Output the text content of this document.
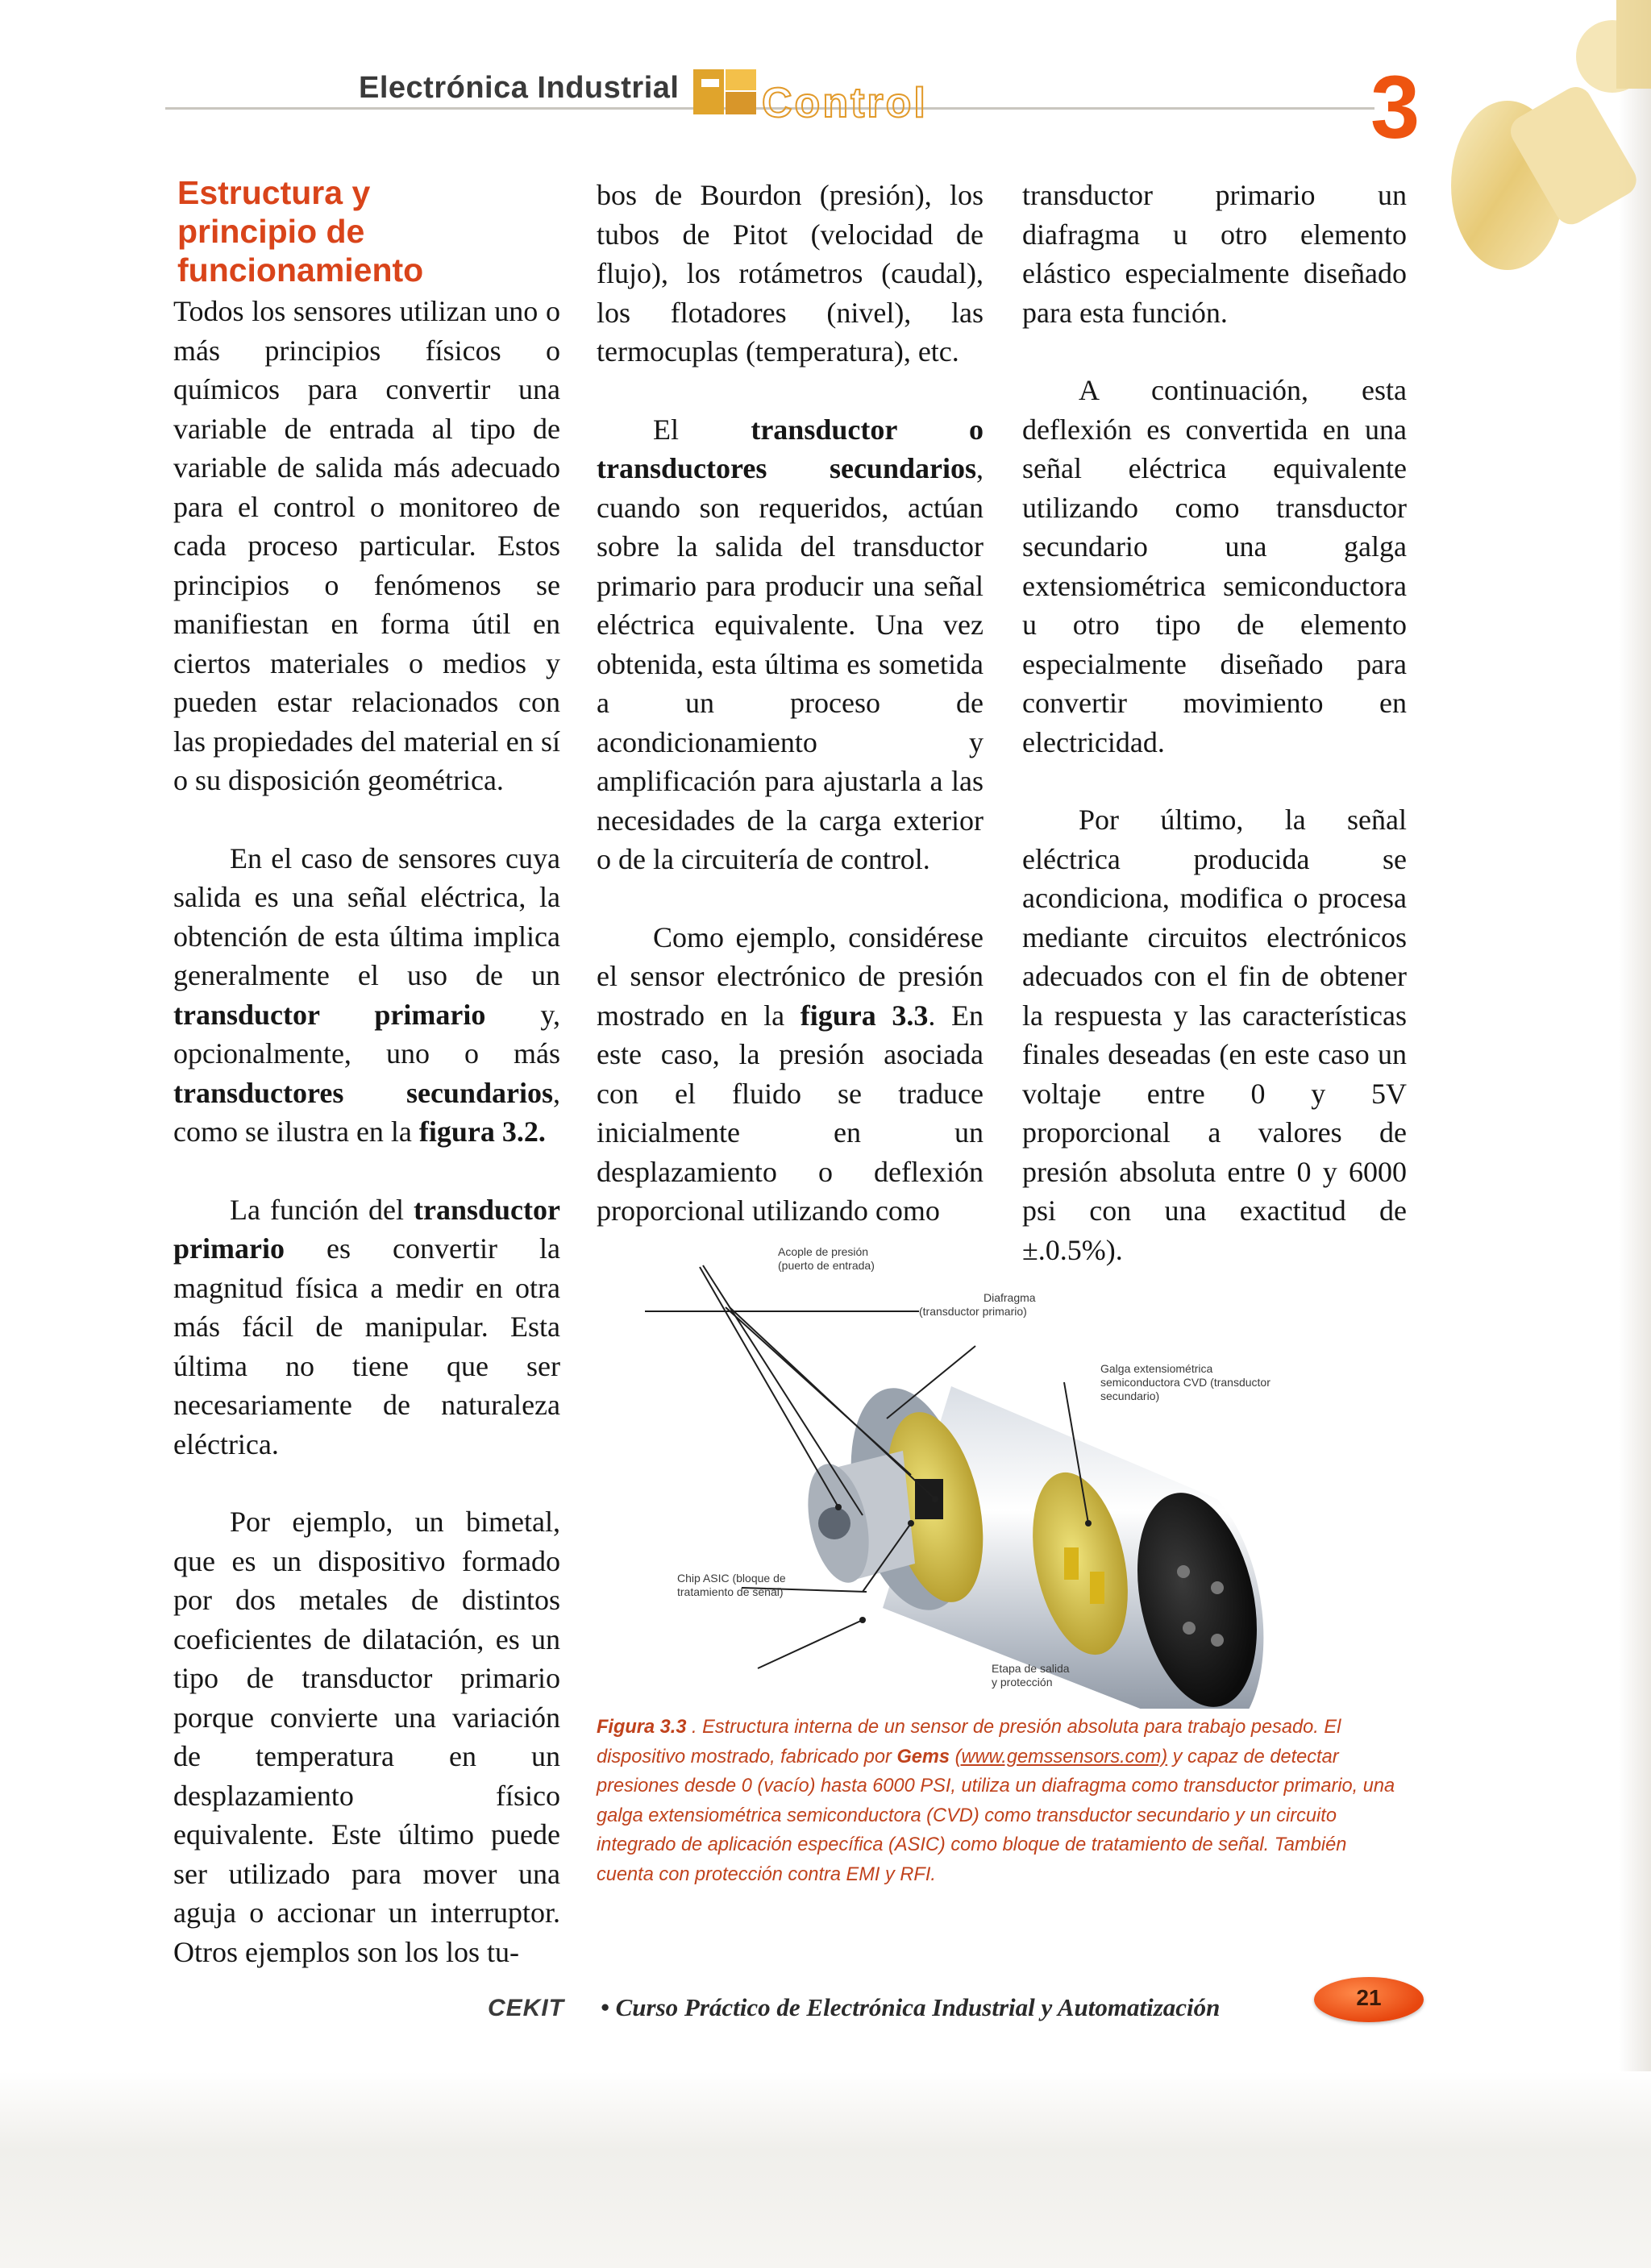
Electrónica Industrial Control	3
Estructura y principio de funcionamiento

Todos los sensores utilizan uno o más principios físicos o químicos para convertir una variable de entrada al tipo de variable de salida más adecuado para el control o monitoreo de cada proceso particular. Estos principios o fenómenos se manifiestan en forma útil en ciertos materiales o medios y pueden estar relacionados con las propiedades del material en sí o su disposición geométrica.

En el caso de sensores cuya salida es una señal eléctrica, la obtención de esta última implica generalmente el uso de un transductor primario y, opcionalmente, uno o más transductores secundarios, como se ilustra en la figura 3.2.

La función del transductor primario es convertir la magnitud física a medir en otra más fácil de manipular. Esta última no tiene que ser necesariamente de naturaleza eléctrica.

Por ejemplo, un bimetal, que es un dispositivo formado por dos metales de distintos coeficientes de dilatación, es un tipo de transductor primario porque convierte una variación de temperatura en un desplazamiento físico equivalente. Este último puede ser utilizado para mover una aguja o accionar un interruptor. Otros ejemplos son los los tu-

bos de Bourdon (presión), los tubos de Pitot (velocidad de flujo), los rotámetros (caudal), los flotadores (nivel), las termocuplas (temperatura), etc.

El transductor o transductores secundarios, cuando son requeridos, actúan sobre la salida del transductor primario para producir una señal eléctrica equivalente. Una vez obtenida, esta última es sometida a un proceso de acondicionamiento y amplificación para ajustarla a las necesidades de la carga exterior o de la circuitería de control.

Como ejemplo, considérese el sensor electrónico de presión mostrado en la figura 3.3. En este caso, la presión asociada con el fluido se traduce inicialmente en un desplazamiento o deflexión proporcional utilizando como

transductor primario un diafragma u otro elemento elástico especialmente diseñado para esta función.

A continuación, esta deflexión es convertida en una señal eléctrica equivalente utilizando como transductor secundario una galga extensiométrica semiconductora u otro tipo de elemento especialmente diseñado para convertir movimiento en electricidad.

Por último, la señal eléctrica producida se acondiciona, modifica o procesa mediante circuitos electrónicos adecuados con el fin de obtener la respuesta y las características finales deseadas (en este caso un voltaje entre 0 y 5V proporcional a valores de presión absoluta entre 0 y 6000 psi con una exactitud de ±.0.5%).

Acople de presión
(puerto de entrada)
Diafragma
(transductor primario)
Galga extensiométrica
semiconductora CVD (transductor
secundario)
Chip ASIC (bloque de
tratamiento de señal)
Etapa de salida
y protección

Figura 3.3 . Estructura interna de un sensor de presión absoluta para trabajo pesado. El dispositivo mostrado, fabricado por Gems (www.gemssensors.com) y capaz de detectar presiones desde 0 (vacío) hasta 6000 PSI, utiliza un diafragma como transductor primario, una galga extensiométrica semiconductora (CVD) como transductor secundario y un circuito integrado de aplicación específica (ASIC) como bloque de tratamiento de señal. También cuenta con protección contra EMI y RFI.

CEKIT • Curso Práctico de Electrónica Industrial y Automatización	21
